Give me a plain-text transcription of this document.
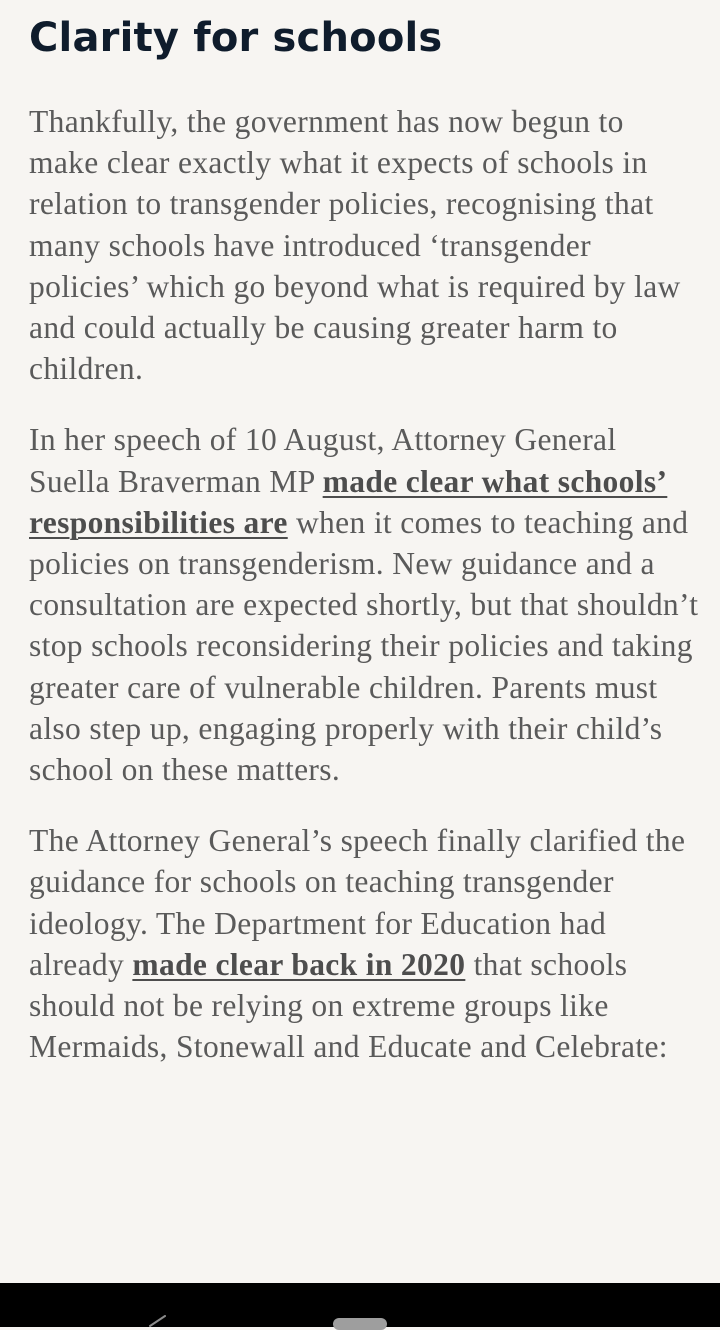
Clarity for schools

Thankfully, the government has now begun to make clear exactly what it expects of schools in relation to transgender policies, recognising that many schools have introduced ‘transgender policies’ which go beyond what is required by law and could actually be causing greater harm to children.

In her speech of 10 August, Attorney General Suella Braverman MP made clear what schools’ responsibilities are when it comes to teaching and policies on transgenderism. New guidance and a consultation are expected shortly, but that shouldn’t stop schools reconsidering their policies and taking greater care of vulnerable children. Parents must also step up, engaging properly with their child’s school on these matters.

The Attorney General’s speech finally clarified the guidance for schools on teaching transgender ideology. The Department for Education had already made clear back in 2020 that schools should not be relying on extreme groups like Mermaids, Stonewall and Educate and Celebrate:
